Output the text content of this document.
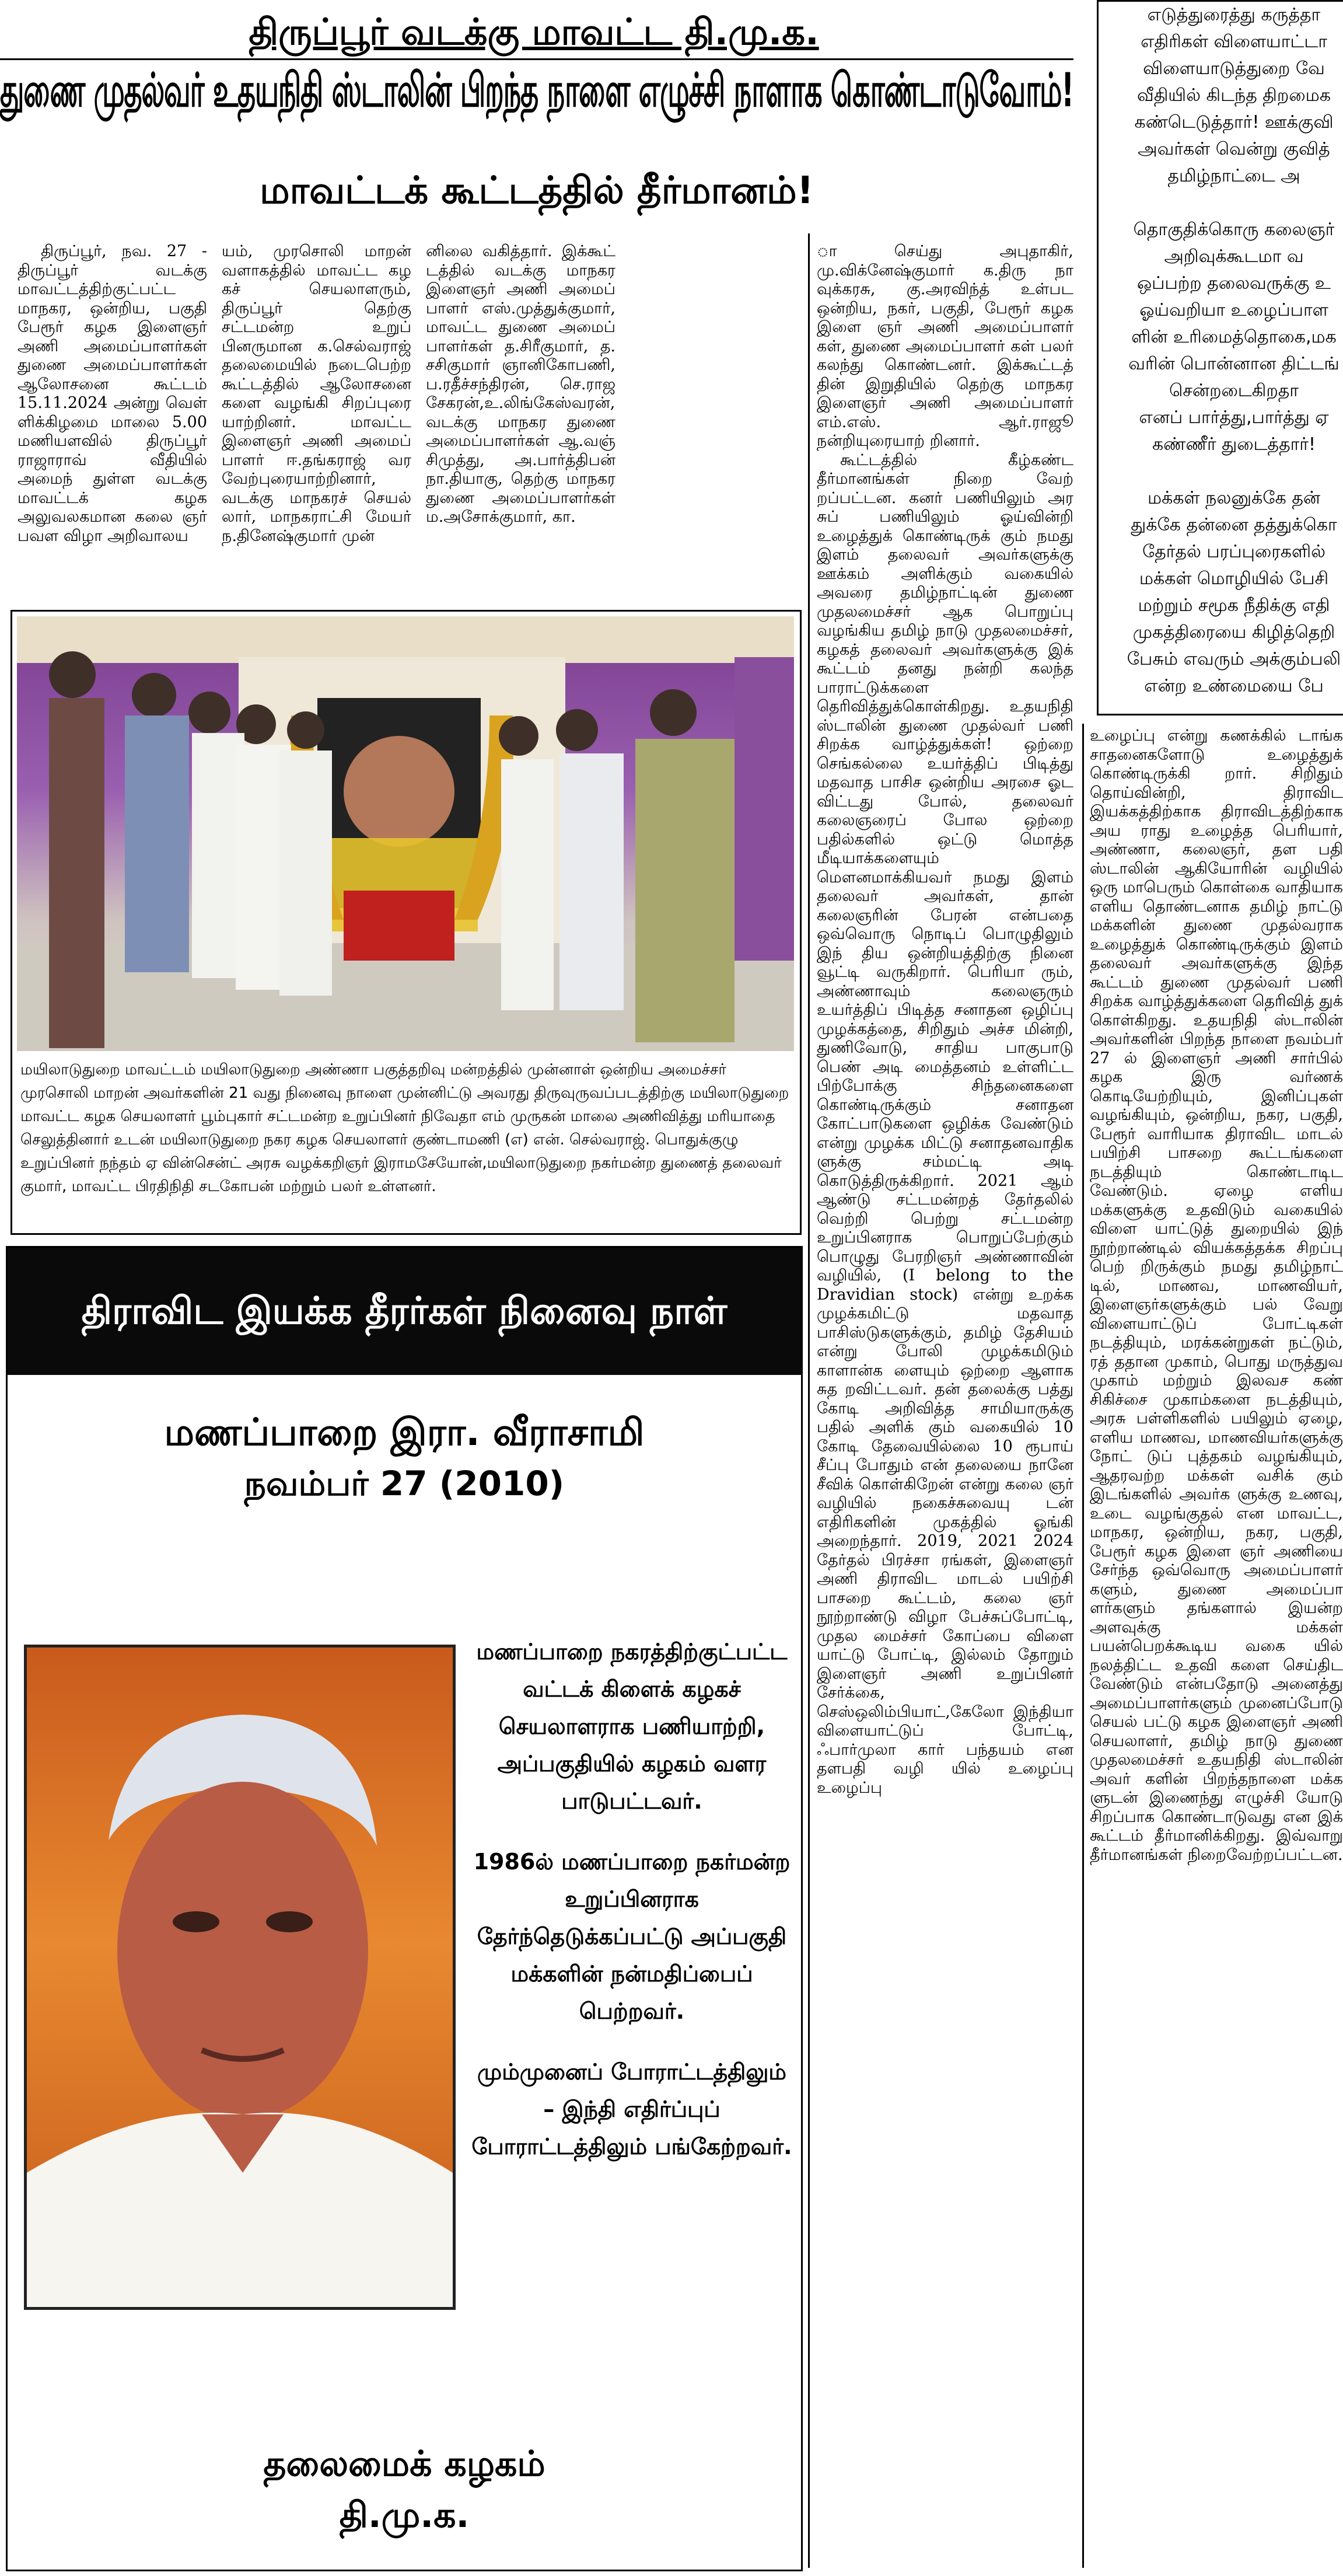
திருப்பூர் வடக்கு மாவட்ட தி.மு.க.
துணை முதல்வர் உதயநிதி ஸ்டாலின் பிறந்த நாளை எழுச்சி நாளாக கொண்டாடுவோம்!
மாவட்டக் கூட்டத்தில் தீர்மானம்!

திருப்பூர், நவ. 27 - திருப்பூர் வடக்கு மாவட்டத்திற்குட்பட்ட மாநகர, ஒன்றிய, பகுதி பேரூர் கழக இளைஞர் அணி அமைப்பாளர்கள் துணை அமைப்பாளர்கள் ஆலோசனை கூட்டம் 15.11.2024 அன்று வெள் ளிக்கிழமை மாலை 5.00 மணியளவில் திருப்பூர் ராஜாராவ் வீதியில் அமைந் துள்ள வடக்கு மாவட்டக் கழக அலுவலகமான கலை ஞர் பவள விழா அறிவாலய

யம், முரசொலி மாறன் வளாகத்தில் மாவட்ட கழ கச் செயலாளரும், திருப்பூர் தெற்கு சட்டமன்ற உறுப் பினருமான க.செல்வராஜ் தலைமையில் நடைபெற்ற கூட்டத்தில் ஆலோசனை களை வழங்கி சிறப்புரை யாற்றினர். மாவட்ட இளைஞர் அணி அமைப் பாளர் ஈ.தங்கராஜ் வர வேற்புரையாற்றினார், வடக்கு மாநகரச் செயல் லார், மாநகராட்சி மேயர் ந.தினேஷ்குமார் முன்

னிலை வகித்தார். இக்கூட் டத்தில் வடக்கு மாநகர இளைஞர் அணி அமைப் பாளர் எஸ்.முத்துக்குமார், மாவட்ட துணை அமைப் பாளர்கள் த.சிரீகுமார், த. சசிகுமார் ஞானிகோபணி, ப.ரதீச்சந்திரன், செ.ராஜ சேகரன்,உ.லிங்கேஸ்வரன், வடக்கு மாநகர துணை அமைப்பாளர்கள் ஆ.வஞ் சிமுத்து, அ.பார்த்திபன் நா.தியாகு, தெற்கு மாநகர துணை அமைப்பாளர்கள் ம.அசோக்குமார், கா.

ா செய்து அபுதாகிர், மு.விக்னேஷ்குமார் க.திரு நா வுக்கரசு, கு.அரவிந்த் உள்பட ஒன்றிய, நகர், பகுதி, பேரூர் கழக இளை ஞர் அணி அமைப்பாளர் கள், துணை அமைப்பாளர் கள் பலர் கலந்து கொண்டனர். இக்கூட்டத் தின் இறுதியில் தெற்கு மாநகர இளைஞர் அணி அமைப்பாளர் எம்.எஸ். ஆர்.ராஜூ நன்றியுரையாற் றினார்.

கூட்டத்தில் கீழ்கண்ட தீர்மானங்கள் நிறை வேற் றப்பட்டன. கனர் பணியிலும் அர சுப் பணியிலும் ஓய்வின்றி உழைத்துக் கொண்டிருக் கும் நமது இளம் தலைவர் அவர்களுக்கு ஊக்கம் அளிக்கும் வகையில் அவரை தமிழ்நாட்டின் துணை முதலமைச்சர் ஆக பொறுப்பு வழங்கிய தமிழ் நாடு முதலமைச்சர், கழகத் தலைவர் அவர்களுக்கு இக் கூட்டம் தனது நன்றி கலந்த பாராட்டுக்களை தெரிவித்துக்கொள்கிறது. உதயநிதி ஸ்டாலின் துணை முதல்வர் பணி சிறக்க வாழ்த்துக்கள்! ஒற்றை செங்கல்லை உயர்த்திப் பிடித்து மதவாத பாசிச ஒன்றிய அரசை ஓட விட்டது போல், தலைவர் கலைஞரைப் போல ஒற்றை பதில்களில் ஒட்டு மொத்த மீடியாக்களையும் மௌனமாக்கியவர் நமது இளம் தலைவர் அவர்கள், தான் கலைஞரின் பேரன் என்பதை ஒவ்வொரு நொடிப் பொழுதிலும் இந் திய ஒன்றியத்திற்கு நினை வூட்டி வருகிறார். பெரியா ரும், அண்ணாவும் கலைஞரும் உயர்த்திப் பிடித்த சனாதன ஒழிப்பு முழக்கத்தை, சிறிதும் அச்ச மின்றி, துணிவோடு, சாதிய பாகுபாடு பெண் அடி மைத்தனம் உள்ளிட்ட பிற்போக்கு சிந்தனைகளை கொண்டிருக்கும் சனாதன கோட்பாடுகளை ஒழிக்க வேண்டும் என்று முழக்க மிட்டு சனாதனவாதிக ளுக்கு சம்மட்டி அடி கொடுத்திருக்கிறார். 2021 ஆம் ஆண்டு சட்டமன்றத் தேர்தலில் வெற்றி பெற்று சட்டமன்ற உறுப்பினராக பொறுப்பேற்கும் பொழுது பேரறிஞர் அண்ணாவின் வழியில், (I belong to the Dravidian stock) என்று உறக்க முழக்கமிட்டு மதவாத பாசிஸ்டுகளுக்கும், தமிழ் தேசியம் என்று போலி முழக்கமிடும் காளான்க ளையும் ஒற்றை ஆளாக சுத றவிட்டவர். தன் தலைக்கு பத்து கோடி அறிவித்த சாமியாருக்கு பதில் அளிக் கும் வகையில் 10 கோடி தேவையில்லை 10 ரூபாய் சீப்பு போதும் என் தலையை நானே சீவிக் கொள்கிறேன் என்று கலை ஞர் வழியில் நகைச்சுவையு டன் எதிரிகளின் முகத்தில் ஓங்கி அறைந்தார். 2019, 2021 2024 தேர்தல் பிரச்சா ரங்கள், இளைஞர் அணி திராவிட மாடல் பயிற்சி பாசறை கூட்டம், கலை ஞர் நூற்றாண்டு விழா பேச்சுப்போட்டி, முதல மைச்சர் கோப்பை விளை யாட்டு போட்டி, இல்லம் தோறும் இளைஞர் அணி உறுப்பினர் சேர்க்கை, செஸ்ஒலிம்பியாட்,கேலோ இந்தியா விளையாட்டுப் போட்டி, ஃபார்முலா கார் பந்தயம் என தளபதி வழி யில் உழைப்பு உழைப்பு

உழைப்பு என்று கணக்கில் டாங்க சாதனைகளோடு உழைத்துக் கொண்டிருக்கி றார். சிறிதும் தொய்வின்றி, திராவிட இயக்கத்திற்காக திராவிடத்திற்காக அய ராது உழைத்த பெரியார், அண்ணா, கலைஞர், தள பதி ஸ்டாலின் ஆகியோரின் வழியில் ஒரு மாபெரும் கொள்கை வாதியாக எளிய தொண்டனாக தமிழ் நாட்டு மக்களின் துணை முதல்வராக உழைத்துக் கொண்டிருக்கும் இளம் தலைவர் அவர்களுக்கு இந்த கூட்டம் துணை முதல்வர் பணி சிறக்க வாழ்த்துக்களை தெரிவித் துக் கொள்கிறது. உதயநிதி ஸ்டாலின் அவர்களின் பிறந்த நாளை நவம்பர் 27 ல் இளைஞர் அணி சார்பில் கழக இரு வர்ணக் கொடியேற்றியும், இனிப்புகள் வழங்கியும், ஒன்றிய, நகர, பகுதி, பேரூர் வாரியாக திராவிட மாடல் பயிற்சி பாசறை கூட்டங்களை நடத்தியும் கொண்டாடிட வேண்டும். ஏழை எளிய மக்களுக்கு உதவிடும் வகையில் விளை யாட்டுத் துறையில் இந் நூற்றாண்டில் வியக்கத்தக்க சிறப்பு பெற் றிருக்கும் நமது தமிழ்நாட் டில், மாணவ, மாணவியர், இளைஞர்களுக்கும் பல் வேறு விளையாட்டுப் போட்டிகள் நடத்தியும், மரக்கன்றுகள் நட்டும், ரத் ததான முகாம், பொது மருத்துவ முகாம் மற்றும் இலவச கண் சிகிச்சை முகாம்களை நடத்தியும், அரசு பள்ளிகளில் பயிலும் ஏழை, எளிய மாணவ, மாணவியர்களுக்கு நோட் டுப் புத்தகம் வழங்கியும், ஆதரவற்ற மக்கள் வசிக் கும் இடங்களில் அவர்க ளுக்கு உணவு, உடை வழங்குதல் என மாவட்ட, மாநகர, ஒன்றிய, நகர, பகுதி, பேரூர் கழக இளை ஞர் அணியை சேர்ந்த ஒவ்வொரு அமைப்பாளர் களும், துணை அமைப்பா ளர்களும் தங்களால் இயன்ற அளவுக்கு மக்கள் பயன்பெறக்கூடிய வகை யில் நலத்திட்ட உதவி களை செய்திட வேண்டும் என்பதோடு அனைத்து அமைப்பாளர்களும் முனைப்போடு செயல் பட்டு கழக இளைஞர் அணி செயலாளர், தமிழ் நாடு துணை முதலமைச்சர் உதயநிதி ஸ்டாலின் அவர் களின் பிறந்தநாளை மக்க ளுடன் இணைந்து எழுச்சி யோடு சிறப்பாக கொண்டாடுவது என இக் கூட்டம் தீர்மானிக்கிறது. இவ்வாறு தீர்மானங்கள் நிறைவேற்றப்பட்டன.

எடுத்துரைத்து கருத்தா
எதிரிகள் விளையாட்டா
விளையாடுத்துறை வே
வீதியில் கிடந்த திறமைக
கண்டெடுத்தார்! ஊக்குவி
அவர்கள் வென்று குவித்
தமிழ்நாட்டை அ

தொகுதிக்கொரு கலைஞர்
அறிவுக்கூடமா வ
ஒப்பற்ற தலைவருக்கு உ
ஓய்வறியா உழைப்பாள
ளின் உரிமைத்தொகை,மக
வரின் பொன்னான திட்டங்
சென்றடைகிறதா
எனப் பார்த்து,பார்த்து ஏ
கண்ணீர் துடைத்தார்!

மக்கள் நலனுக்கே தன்
துக்கே தன்னை தத்துக்கொ
தேர்தல் பரப்புரைகளில்
மக்கள் மொழியில் பேசி
மற்றும் சமூக நீதிக்கு எதி
முகத்திரையை கிழித்தெறி
பேசும் எவரும் அக்கும்பலி
என்ற உண்மையை பே
மயிலாடுதுறை மாவட்டம் மயிலாடுதுறை அண்ணா பகுத்தறிவு மன்றத்தில் முன்னாள் ஒன்றிய அமைச்சர் முரசொலி மாறன் அவர்களின் 21 வது நினைவு நாளை முன்னிட்டு அவரது திருவுருவப்படத்திற்கு மயிலாடுதுறை மாவட்ட கழக செயலாளர் பூம்புகார் சட்டமன்ற உறுப்பினர் நிவேதா எம் முருகன் மாலை அணிவித்து மரியாதை செலுத்தினார் உடன் மயிலாடுதுறை நகர கழக செயலாளர் குண்டாமணி (எ) என். செல்வராஜ். பொதுக்குழு உறுப்பினர் நந்தம் ஏ வின்சென்ட் அரசு வழக்கறிஞர் இராமசேயோன்,மயிலாடுதுறை நகர்மன்ற துணைத் தலைவர் குமார், மாவட்ட பிரதிநிதி சடகோபன் மற்றும் பலர் உள்ளனர்.
திராவிட இயக்க தீரர்கள் நினைவு நாள்
மணப்பாறை இரா. வீராசாமி
நவம்பர் 27 (2010)

மணப்பாறை நகரத்திற்குட்பட்ட வட்டக் கிளைக் கழகச் செயலாளராக பணியாற்றி, அப்பகுதியில் கழகம் வளர பாடுபட்டவர்.

1986ல் மணப்பாறை நகர்மன்ற உறுப்பினராக தேர்ந்தெடுக்கப்பட்டு அப்பகுதி மக்களின் நன்மதிப்பைப் பெற்றவர்.

மும்முனைப் போராட்டத்திலும் – இந்தி எதிர்ப்புப் போராட்டத்திலும் பங்கேற்றவர்.

தலைமைக் கழகம்
தி.மு.க.
